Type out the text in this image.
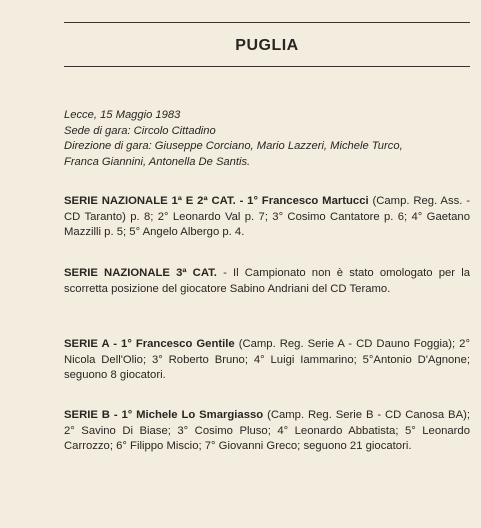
PUGLIA
Lecce, 15 Maggio 1983
Sede di gara: Circolo Cittadino
Direzione di gara: Giuseppe Corciano, Mario Lazzeri, Michele Turco,
Franca Giannini, Antonella De Santis.
SERIE NAZIONALE 1ª E 2ª CAT. - 1° Francesco Martucci (Camp. Reg. Ass. - CD Taranto) p. 8; 2° Leonardo Val p. 7; 3° Cosimo Cantatore p. 6; 4° Gaetano Mazzilli p. 5; 5° Angelo Albergo p. 4.
SERIE NAZIONALE 3ª CAT. - Il Campionato non è stato omologato per la scorretta posizione del giocatore Sabino Andriani del CD Teramo.
SERIE A - 1° Francesco Gentile (Camp. Reg. Serie A - CD Dauno Foggia); 2° Nicola Dell'Olio; 3° Roberto Bruno; 4° Luigi Iammarino; 5°Antonio D'Agnone; seguono 8 giocatori.
SERIE B - 1° Michele Lo Smargiasso (Camp. Reg. Serie B - CD Canosa BA); 2° Savino Di Biase; 3° Cosimo Pluso; 4° Leonardo Abbatista; 5° Leonardo Carrozzo; 6° Filippo Miscio; 7° Giovanni Greco; seguono 21 giocatori.
